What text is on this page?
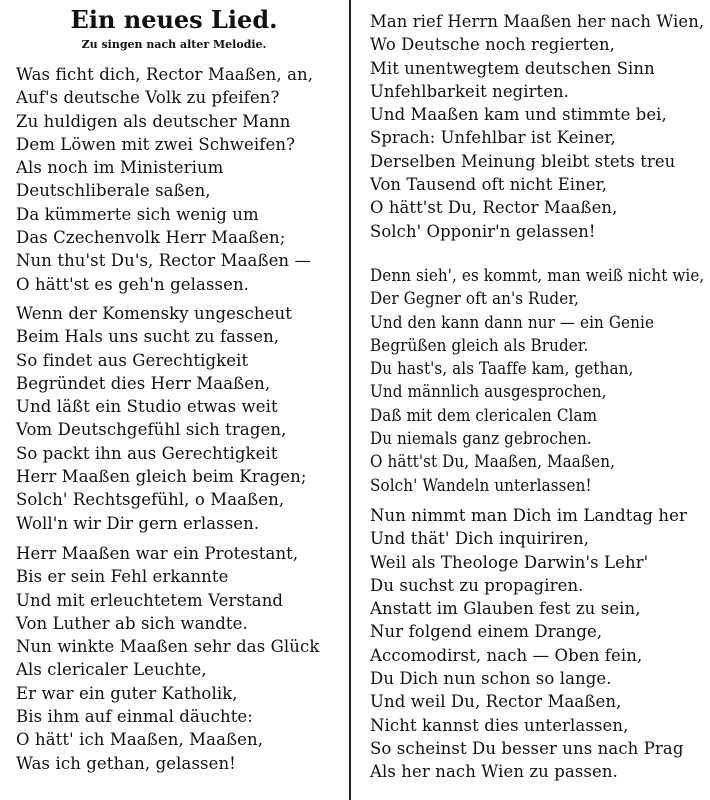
Ein neues Lied.
Zu singen nach alter Melodie.
Was ficht dich, Rector Maaßen, an,
Auf's deutsche Volk zu pfeifen?
Zu huldigen als deutscher Mann
Dem Löwen mit zwei Schweifen?
Als noch im Ministerium
Deutschliberale saßen,
Da kümmerte sich wenig um
Das Czechenvolk Herr Maaßen;
Nun thu'st Du's, Rector Maaßen —
O hätt'st es geh'n gelassen.
Wenn der Komensky ungescheut
Beim Hals uns sucht zu fassen,
So findet aus Gerechtigkeit
Begründet dies Herr Maaßen,
Und läßt ein Studio etwas weit
Vom Deutschgefühl sich tragen,
So packt ihn aus Gerechtigkeit
Herr Maaßen gleich beim Kragen;
Solch' Rechtsgefühl, o Maaßen,
Woll'n wir Dir gern erlassen.
Herr Maaßen war ein Protestant,
Bis er sein Fehl erkannte
Und mit erleuchtetem Verstand
Von Luther ab sich wandte.
Nun winkte Maaßen sehr das Glück
Als clericaler Leuchte,
Er war ein guter Katholik,
Bis ihm auf einmal däuchte:
O hätt' ich Maaßen, Maaßen,
Was ich gethan, gelassen!
Man rief Herrn Maaßen her nach Wien,
Wo Deutsche noch regierten,
Mit unentwegtem deutschen Sinn
Unfehlbarkeit negirten.
Und Maaßen kam und stimmte bei,
Sprach: Unfehlbar ist Keiner,
Derselben Meinung bleibt stets treu
Von Tausend oft nicht Einer,
O hätt'st Du, Rector Maaßen,
Solch' Opponir'n gelassen!
Denn sieh', es kommt, man weiß nicht wie,
Der Gegner oft an's Ruder,
Und den kann dann nur — ein Genie
Begrüßen gleich als Bruder.
Du hast's, als Taaffe kam, gethan,
Und männlich ausgesprochen,
Daß mit dem clericalen Clam
Du niemals ganz gebrochen.
O hätt'st Du, Maaßen, Maaßen,
Solch' Wandeln unterlassen!
Nun nimmt man Dich im Landtag her
Und thät' Dich inquiriren,
Weil als Theologe Darwin's Lehr'
Du suchst zu propagiren.
Anstatt im Glauben fest zu sein,
Nur folgend einem Drange,
Accomodirst, nach — Oben fein,
Du Dich nun schon so lange.
Und weil Du, Rector Maaßen,
Nicht kannst dies unterlassen,
So scheinst Du besser uns nach Prag
Als her nach Wien zu passen.
